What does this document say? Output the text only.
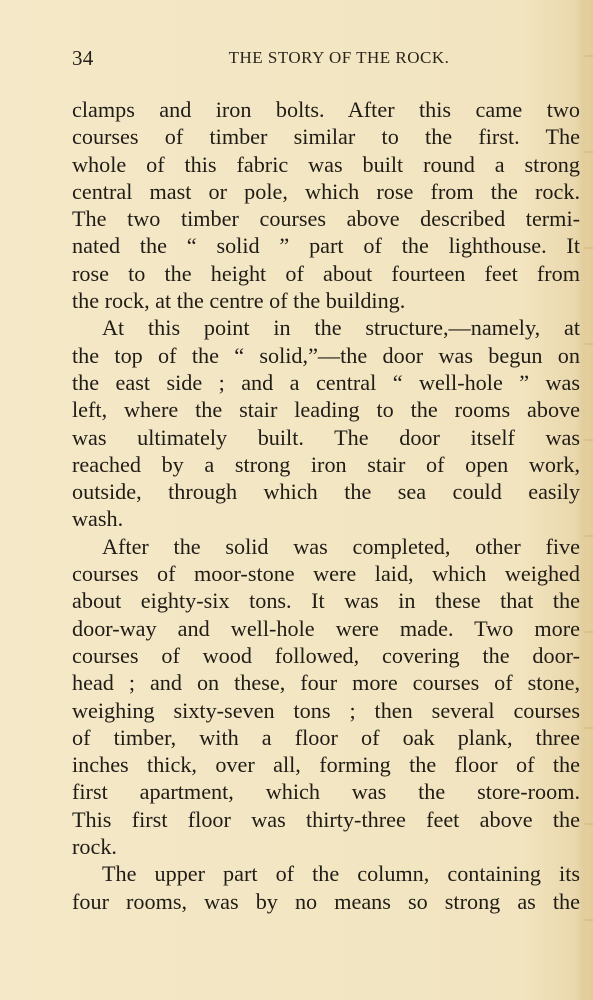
34	THE STORY OF THE ROCK.
clamps and iron bolts. After this came two
courses of timber similar to the first. The
whole of this fabric was built round a strong
central mast or pole, which rose from the rock.
The two timber courses above described termi-
nated the “ solid ” part of the lighthouse. It
rose to the height of about fourteen feet from
the rock, at the centre of the building.
At this point in the structure,—namely, at
the top of the “ solid,”—the door was begun on
the east side ; and a central “ well-hole ” was
left, where the stair leading to the rooms above
was ultimately built. The door itself was
reached by a strong iron stair of open work,
outside, through which the sea could easily
wash.
After the solid was completed, other five
courses of moor-stone were laid, which weighed
about eighty-six tons. It was in these that the
door-way and well-hole were made. Two more
courses of wood followed, covering the door-
head ; and on these, four more courses of stone,
weighing sixty-seven tons ; then several courses
of timber, with a floor of oak plank, three
inches thick, over all, forming the floor of the
first apartment, which was the store-room.
This first floor was thirty-three feet above the
rock.
The upper part of the column, containing its
four rooms, was by no means so strong as the
